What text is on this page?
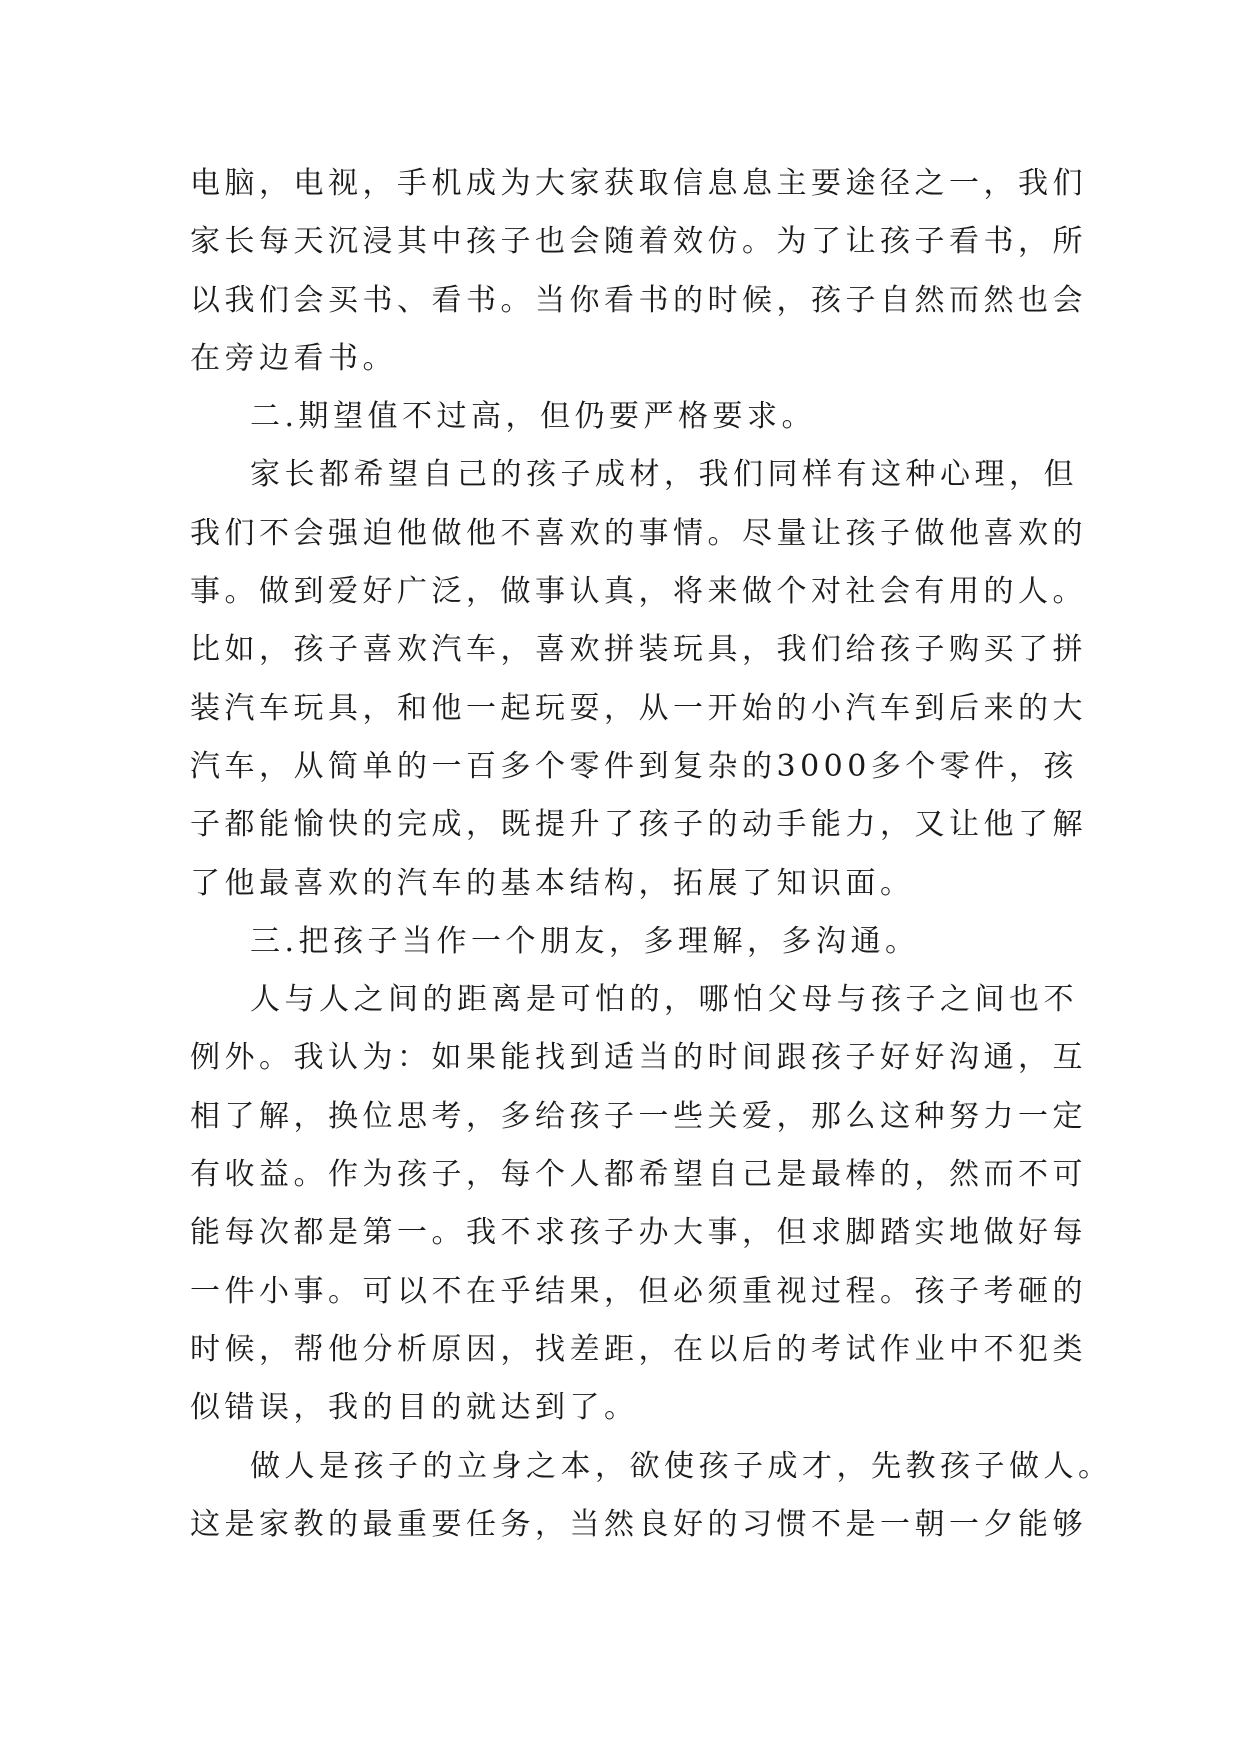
电脑，电视，手机成为大家获取信息息主要途径之一，我们
家长每天沉浸其中孩子也会随着效仿。为了让孩子看书，所
以我们会买书、看书。当你看书的时候，孩子自然而然也会
在旁边看书。
二.期望值不过高，但仍要严格要求。
家长都希望自己的孩子成材，我们同样有这种心理，但
我们不会强迫他做他不喜欢的事情。尽量让孩子做他喜欢的
事。做到爱好广泛，做事认真，将来做个对社会有用的人。
比如，孩子喜欢汽车，喜欢拼装玩具，我们给孩子购买了拼
装汽车玩具，和他一起玩耍，从一开始的小汽车到后来的大
汽车，从简单的一百多个零件到复杂的3000多个零件，孩
子都能愉快的完成，既提升了孩子的动手能力，又让他了解
了他最喜欢的汽车的基本结构，拓展了知识面。
三.把孩子当作一个朋友，多理解，多沟通。
人与人之间的距离是可怕的，哪怕父母与孩子之间也不
例外。我认为：如果能找到适当的时间跟孩子好好沟通，互
相了解，换位思考，多给孩子一些关爱，那么这种努力一定
有收益。作为孩子，每个人都希望自己是最棒的，然而不可
能每次都是第一。我不求孩子办大事，但求脚踏实地做好每
一件小事。可以不在乎结果，但必须重视过程。孩子考砸的
时候，帮他分析原因，找差距，在以后的考试作业中不犯类
似错误，我的目的就达到了。
做人是孩子的立身之本，欲使孩子成才，先教孩子做人。
这是家教的最重要任务，当然良好的习惯不是一朝一夕能够
